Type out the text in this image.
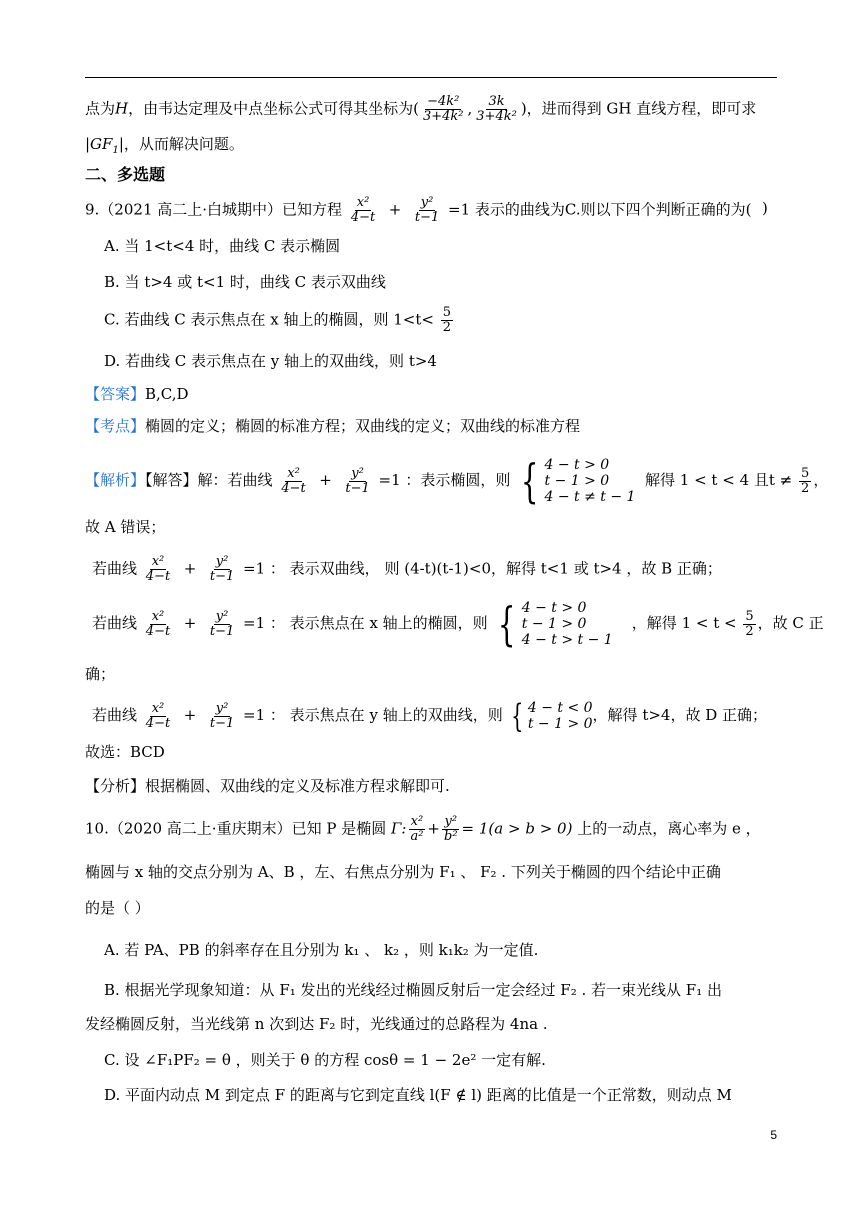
点为H，由韦达定理及中点坐标公式可得其坐标为( $\frac{\text{−4k²}}{\text{3+4k²}}$ , $\frac{3k}{\text{3+4k²}}$ )，进而得到 GH 直线方程，即可求
$|GF_1|$，从而解决问题。
二、多选题
9.（2021 高二上·白城期中）已知方程 $\frac{\text{x²}}{4-t} + \frac{\text{y²}}{t-1} =1$ 表示的曲线为C.则以下四个判断正确的为( )
A. 当 1<t<4 时，曲线 C 表示椭圆
B. 当 t>4 或 t<1 时，曲线 C 表示双曲线
C. 若曲线 C 表示焦点在 x 轴上的椭圆，则 $1<t< \frac{5}{2}$
D. 若曲线 C 表示焦点在 y 轴上的双曲线，则 t>4
【答案】B,C,D
【考点】椭圆的定义；椭圆的标准方程；双曲线的定义；双曲线的标准方程
【解析】【解答】解：若曲线 $\frac{\text{x²}}{4-t} + \frac{\text{y²}}{t-1} =1$ ：表示椭圆，则 { 4 − t > 0
t − 1 > 0
4 − t ≠ t − 1
解得 1 < t < 4 且$t \ne \frac{5}{2}$ ，
故 A 错误；
若曲线 $\frac{\text{x²}}{4-t} + \frac{\text{y²}}{t-1} =1$ ： 表示双曲线， 则 (4-t)(t-1)<0，解得 t<1 或 t>4 ，故 B 正确；
若曲线 $\frac{\text{x²}}{4-t} + \frac{\text{y²}}{t-1} =1$ ： 表示焦点在 x 轴上的椭圆，则 { 4 − t > 0
t − 1 > 0
4 − t > t − 1
，解得 $1 < t < \frac{5}{2}$ ，故 C 正
确；
若曲线 $\frac{\text{x²}}{4-t} + \frac{\text{y²}}{t-1} =1$ ： 表示焦点在 y 轴上的双曲线，则 { 4 − t < 0
t − 1 > 0 ，解得 t>4，故 D 正确；
故选：BCD
【分析】根据椭圆、双曲线的定义及标准方程求解即可.
10.（2020 高二上·重庆期末）已知 P 是椭圆 Γ: $\frac{\text{x²}}{\text{a²}} + \frac{\text{y²}}{\text{b²}} = 1(a > b > 0)$ 上的一动点，离心率为 e ，
椭圆与 x 轴的交点分别为 A、B ，左、右焦点分别为 F₁ 、 F₂ . 下列关于椭圆的四个结论中正确
的是（ ）
A. 若 PA、PB 的斜率存在且分别为 k₁ 、 k₂ ，则 k₁k₂ 为一定值.
B. 根据光学现象知道：从 F₁ 发出的光线经过椭圆反射后一定会经过 F₂ . 若一束光线从 F₁ 出
发经椭圆反射，当光线第 n 次到达 F₂ 时，光线通过的总路程为 4na .
C. 设 ∠F₁PF₂ = θ ，则关于 θ 的方程 cosθ = 1 − 2e² 一定有解.
D. 平面内动点 M 到定点 F 的距离与它到定直线 l(F ∉ l) 距离的比值是一个正常数，则动点 M
5
